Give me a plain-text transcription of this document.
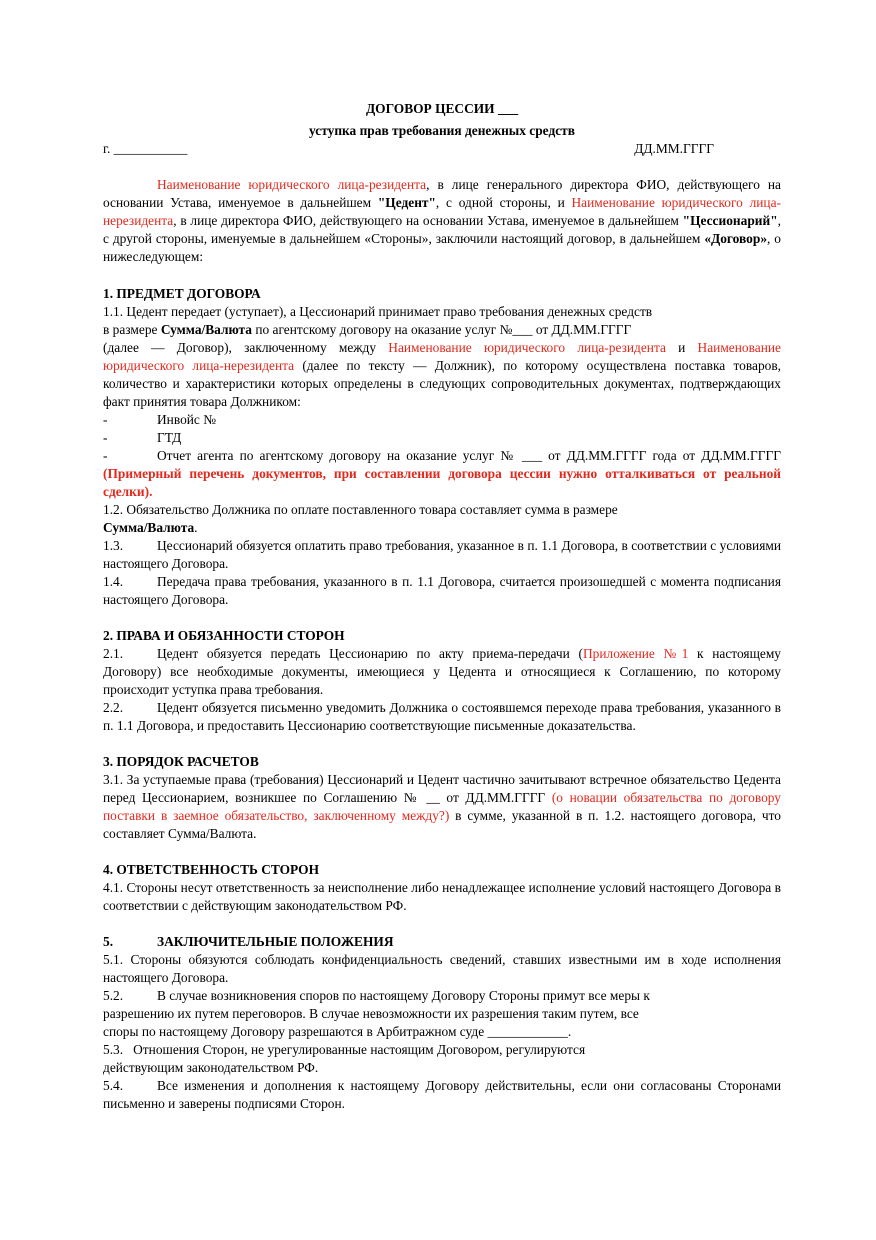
ДОГОВОР ЦЕССИИ ___
уступка прав требования денежных средств
г. ___________	ДД.ММ.ГГГГ

Наименование юридического лица-резидента, в лице генерального директора ФИО, действующего на основании Устава, именуемое в дальнейшем "Цедент", с одной стороны, и Наименование юридического лица-нерезидента, в лице директора ФИО, действующего на основании Устава, именуемое в дальнейшем "Цессионарий", с другой стороны, именуемые в дальнейшем «Стороны», заключили настоящий договор, в дальнейшем «Договор», о нижеследующем:

1. ПРЕДМЕТ ДОГОВОРА
1.1. Цедент передает (уступает), а Цессионарий принимает право требования денежных средств
в размере Сумма/Валюта по агентскому договору на оказание услуг №___ от ДД.ММ.ГГГГ

(далее — Договор), заключенному между Наименование юридического лица-резидента и Наименование юридического лица-нерезидента (далее по тексту — Должник), по которому осуществлена поставка товаров, количество и характеристики которых определены в следующих сопроводительных документах, подтверждающих факт принятия товара Должником:

-	Инвойс №
-	ГТД

-	Отчет агента по агентскому договору на оказание услуг № ___ от ДД.ММ.ГГГГ года от ДД.ММ.ГГГГ (Примерный перечень документов, при составлении договора цессии нужно отталкиваться от реальной сделки).

1.2. Обязательство Должника по оплате поставленного товара составляет сумма в размере
Сумма/Валюта.

1.3.	Цессионарий обязуется оплатить право требования, указанное в п. 1.1 Договора, в соответствии с условиями настоящего Договора.

1.4.	Передача права требования, указанного в п. 1.1 Договора, считается произошедшей с момента подписания настоящего Договора.

2. ПРАВА И ОБЯЗАННОСТИ СТОРОН

2.1.	Цедент обязуется передать Цессионарию по акту приема-передачи (Приложение №1 к настоящему Договору) все необходимые документы, имеющиеся у Цедента и относящиеся к Соглашению, по которому происходит уступка права требования.

2.2.	Цедент обязуется письменно уведомить Должника о состоявшемся переходе права требования, указанного в п. 1.1 Договора, и предоставить Цессионарию соответствующие письменные доказательства.

3. ПОРЯДОК РАСЧЕТОВ

3.1. За уступаемые права (требования) Цессионарий и Цедент частично зачитывают встречное обязательство Цедента перед Цессионарием, возникшее по Соглашению № __ от ДД.ММ.ГГГГ (о новации обязательства по договору поставки в заемное обязательство, заключенному между?) в сумме, указанной в п. 1.2. настоящего договора, что составляет Сумма/Валюта.

4. ОТВЕТСТВЕННОСТЬ СТОРОН

4.1. Стороны несут ответственность за неисполнение либо ненадлежащее исполнение условий настоящего Договора в соответствии с действующим законодательством РФ.

5.	ЗАКЛЮЧИТЕЛЬНЫЕ ПОЛОЖЕНИЯ

5.1. Стороны обязуются соблюдать конфиденциальность сведений, ставших известными им в ходе исполнения настоящего Договора.

5.2.	В случае возникновения споров по настоящему Договору Стороны примут все меры к
разрешению их путем переговоров. В случае невозможности их разрешения таким путем, все
споры по настоящему Договору разрешаются в Арбитражном суде ____________.
5.3.   Отношения Сторон, не урегулированные настоящим Договором, регулируются
действующим законодательством РФ.

5.4.	Все изменения и дополнения к настоящему Договору действительны, если они согласованы Сторонами письменно и заверены подписями Сторон.
